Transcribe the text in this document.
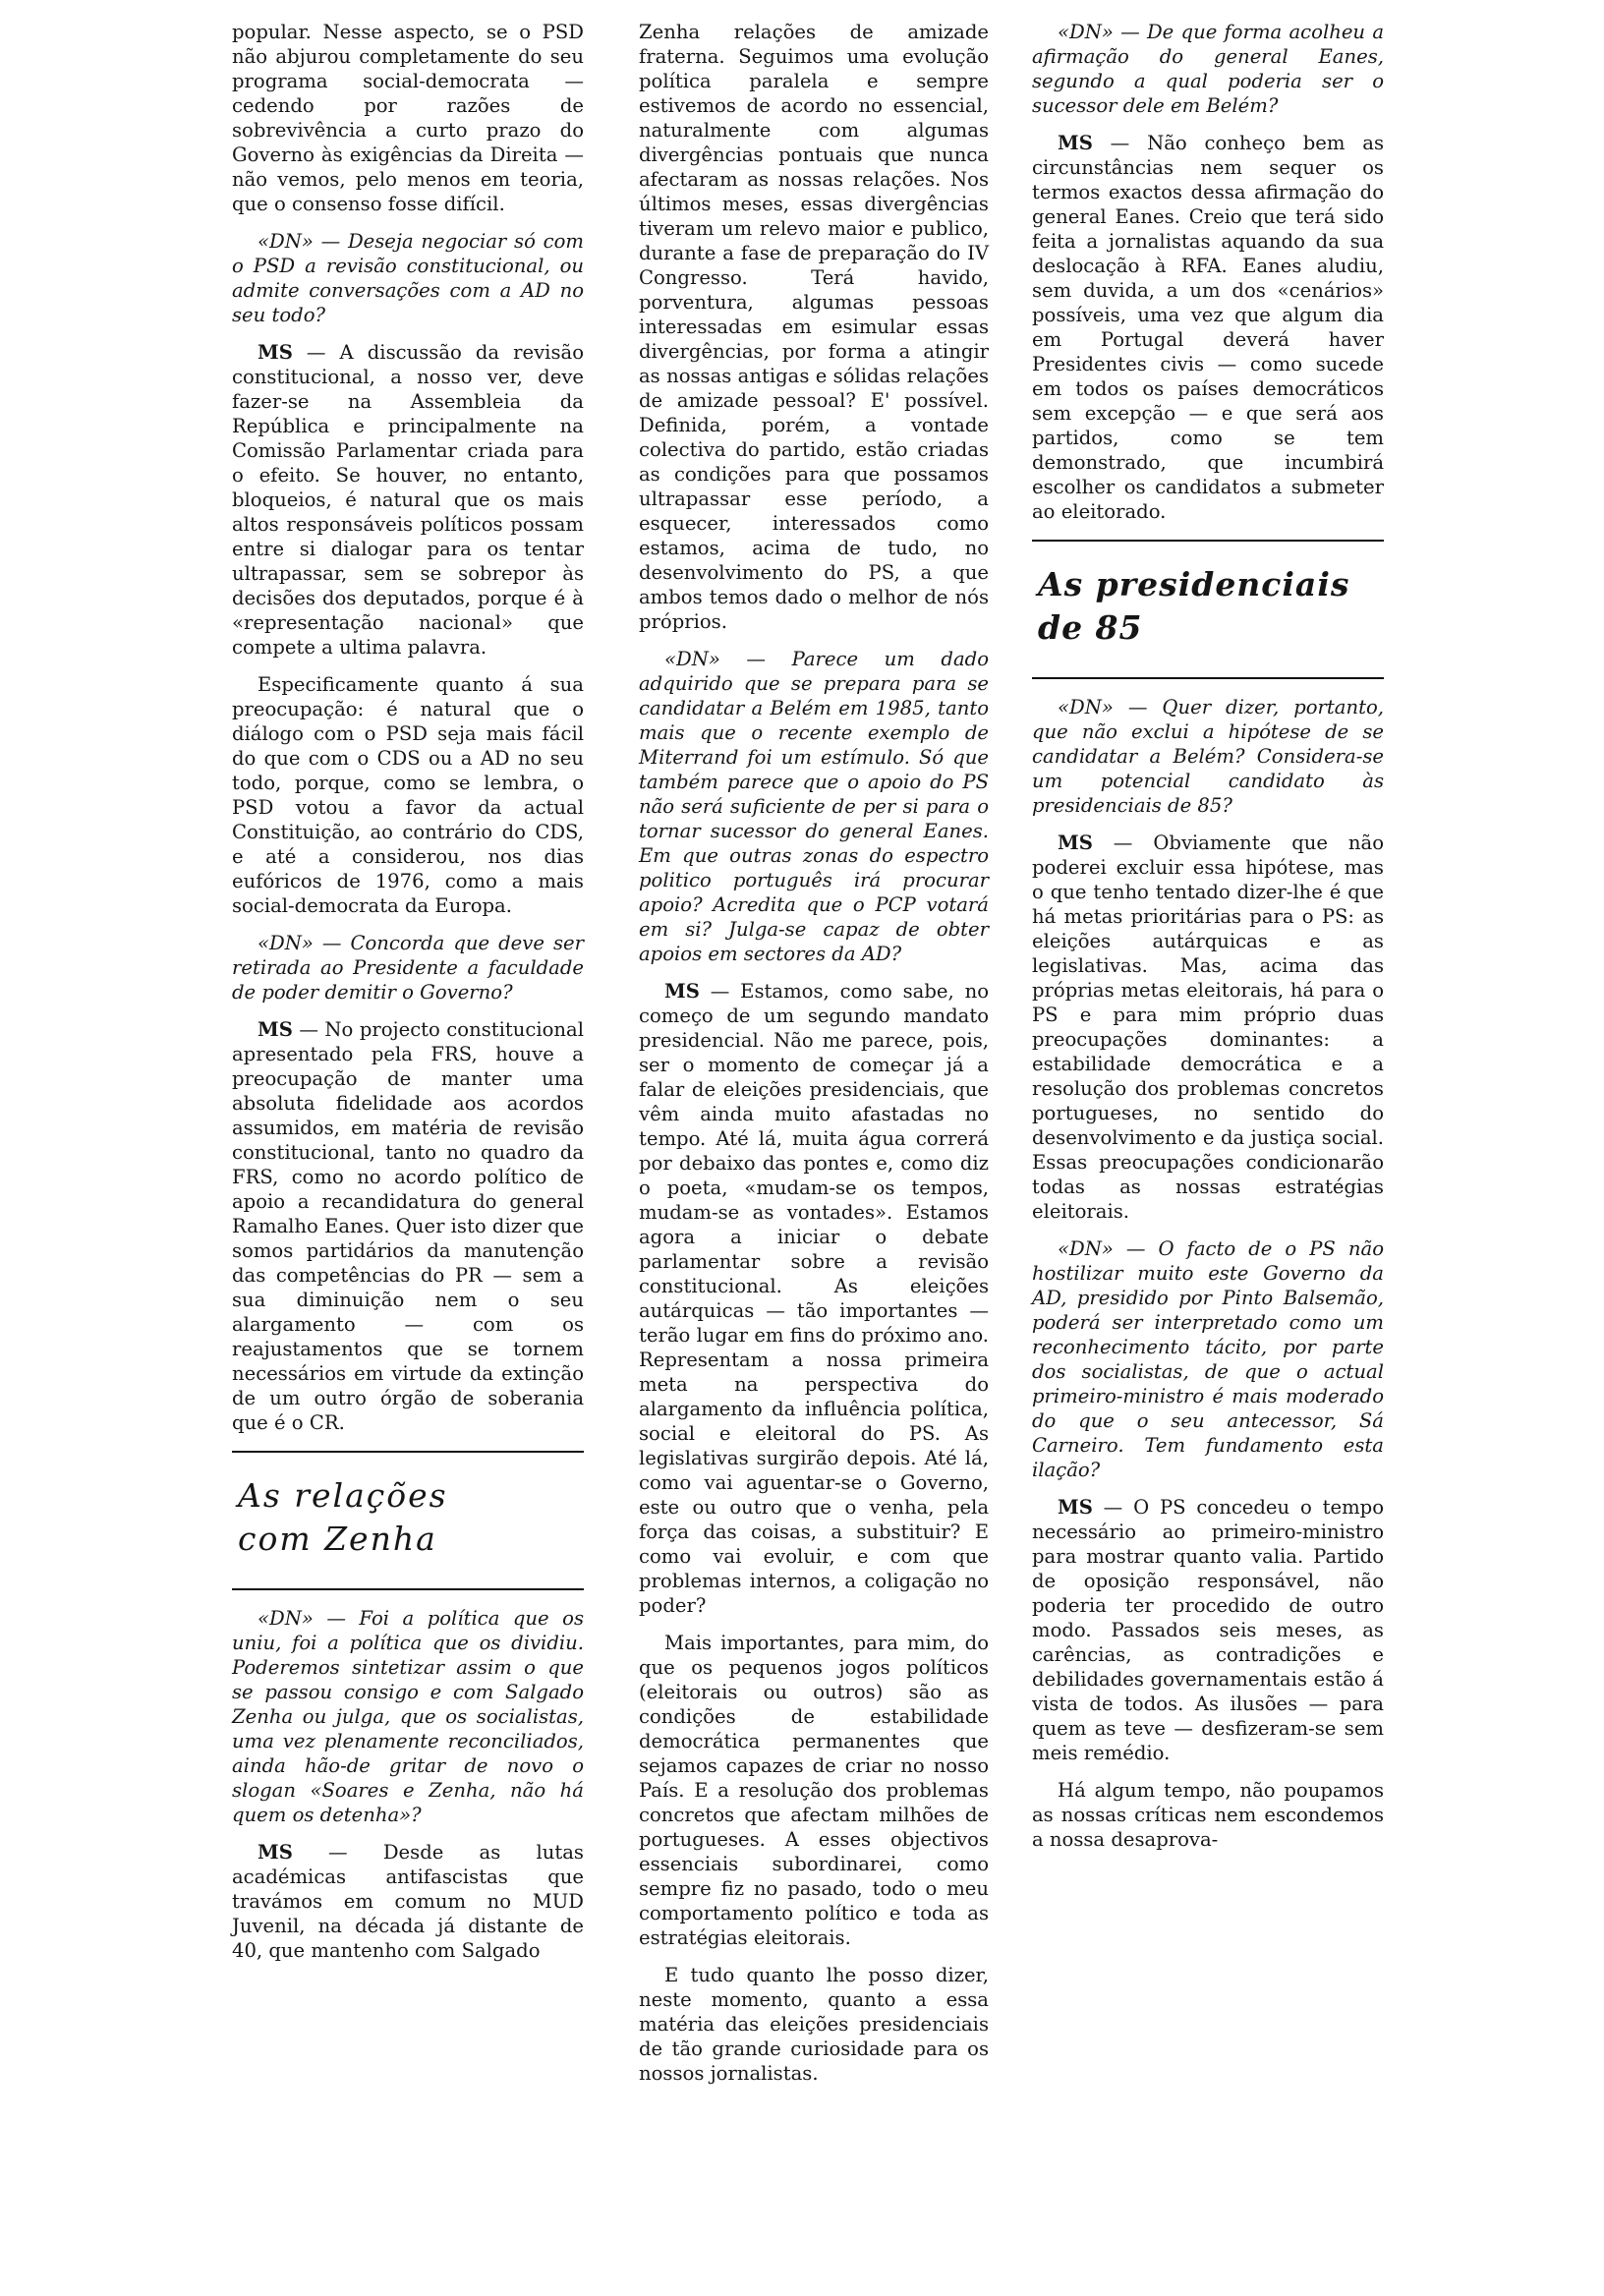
popular. Nesse aspecto, se o PSD não abjurou completamente do seu programa social-democrata — cedendo por razões de sobrevivência a curto prazo do Governo às exigências da Direita — não vemos, pelo menos em teoria, que o consenso fosse difícil.

«DN» — Deseja negociar só com o PSD a revisão constitucional, ou admite conversações com a AD no seu todo?

MS — A discussão da revisão constitucional, a nosso ver, deve fazer-se na Assembleia da República e principalmente na Comissão Parlamentar criada para o efeito. Se houver, no entanto, bloqueios, é natural que os mais altos responsáveis políticos possam entre si dialogar para os tentar ultrapassar, sem se sobrepor às decisões dos deputados, porque é à «representação nacional» que compete a ultima palavra.

Especificamente quanto á sua preocupação: é natural que o diálogo com o PSD seja mais fácil do que com o CDS ou a AD no seu todo, porque, como se lembra, o PSD votou a favor da actual Constituição, ao contrário do CDS, e até a considerou, nos dias eufóricos de 1976, como a mais social-democrata da Europa.

«DN» — Concorda que deve ser retirada ao Presidente a faculdade de poder demitir o Governo?

MS — No projecto constitucional apresentado pela FRS, houve a preocupação de manter uma absoluta fidelidade aos acordos assumidos, em matéria de revisão constitucional, tanto no quadro da FRS, como no acordo político de apoio a recandidatura do general Ramalho Eanes. Quer isto dizer que somos partidários da manutenção das competências do PR — sem a sua diminuição nem o seu alargamento — com os reajustamentos que se tornem necessários em virtude da extinção de um outro órgão de soberania que é o CR.

As relações
com Zenha

«DN» — Foi a política que os uniu, foi a política que os dividiu. Poderemos sintetizar assim o que se passou consigo e com Salgado Zenha ou julga, que os socialistas, uma vez plenamente reconciliados, ainda hão-de gritar de novo o slogan «Soares e Zenha, não há quem os detenha»?

MS — Desde as lutas académicas antifascistas que travámos em comum no MUD Juvenil, na década já distante de 40, que mantenho com Salgado

Zenha relações de amizade fraterna. Seguimos uma evolução política paralela e sempre estivemos de acordo no essencial, naturalmente com algumas divergências pontuais que nunca afectaram as nossas relações. Nos últimos meses, essas divergências tiveram um relevo maior e publico, durante a fase de preparação do IV Congresso. Terá havido, porventura, algumas pessoas interessadas em esimular essas divergências, por forma a atingir as nossas antigas e sólidas relações de amizade pessoal? E' possível. Definida, porém, a vontade colectiva do partido, estão criadas as condições para que possamos ultrapassar esse período, a esquecer, interessados como estamos, acima de tudo, no desenvolvimento do PS, a que ambos temos dado o melhor de nós próprios.

«DN» — Parece um dado adquirido que se prepara para se candidatar a Belém em 1985, tanto mais que o recente exemplo de Miterrand foi um estímulo. Só que também parece que o apoio do PS não será suficiente de per si para o tornar sucessor do general Eanes. Em que outras zonas do espectro politico português irá procurar apoio? Acredita que o PCP votará em si? Julga-se capaz de obter apoios em sectores da AD?

MS — Estamos, como sabe, no começo de um segundo mandato presidencial. Não me parece, pois, ser o momento de começar já a falar de eleições presidenciais, que vêm ainda muito afastadas no tempo. Até lá, muita água correrá por debaixo das pontes e, como diz o poeta, «mudam-se os tempos, mudam-se as vontades». Estamos agora a iniciar o debate parlamentar sobre a revisão constitucional. As eleições autárquicas — tão importantes — terão lugar em fins do próximo ano. Representam a nossa primeira meta na perspectiva do alargamento da influência política, social e eleitoral do PS. As legislativas surgirão depois. Até lá, como vai aguentar-se o Governo, este ou outro que o venha, pela força das coisas, a substituir? E como vai evoluir, e com que problemas internos, a coligação no poder?

Mais importantes, para mim, do que os pequenos jogos políticos (eleitorais ou outros) são as condições de estabilidade democrática permanentes que sejamos capazes de criar no nosso País. E a resolução dos problemas concretos que afectam milhões de portugueses. A esses objectivos essenciais subordinarei, como sempre fiz no pasado, todo o meu comportamento político e toda as estratégias eleitorais.

E tudo quanto lhe posso dizer, neste momento, quanto a essa matéria das eleições presidenciais de tão grande curiosidade para os nossos jornalistas.

«DN» — De que forma acolheu a afirmação do general Eanes, segundo a qual poderia ser o sucessor dele em Belém?

MS — Não conheço bem as circunstâncias nem sequer os termos exactos dessa afirmação do general Eanes. Creio que terá sido feita a jornalistas aquando da sua deslocação à RFA. Eanes aludiu, sem duvida, a um dos «cenários» possíveis, uma vez que algum dia em Portugal deverá haver Presidentes civis — como sucede em todos os países democráticos sem excepção — e que será aos partidos, como se tem demonstrado, que incumbirá escolher os candidatos a submeter ao eleitorado.

As presidenciais
de 85

«DN» — Quer dizer, portanto, que não exclui a hipótese de se candidatar a Belém? Considera-se um potencial candidato às presidenciais de 85?

MS — Obviamente que não poderei excluir essa hipótese, mas o que tenho tentado dizer-lhe é que há metas prioritárias para o PS: as eleições autárquicas e as legislativas. Mas, acima das próprias metas eleitorais, há para o PS e para mim próprio duas preocupações dominantes: a estabilidade democrática e a resolução dos problemas concretos portugueses, no sentido do desenvolvimento e da justiça social. Essas preocupações condicionarão todas as nossas estratégias eleitorais.

«DN» — O facto de o PS não hostilizar muito este Governo da AD, presidido por Pinto Balsemão, poderá ser interpretado como um reconhecimento tácito, por parte dos socialistas, de que o actual primeiro-ministro é mais moderado do que o seu antecessor, Sá Carneiro. Tem fundamento esta ilação?

MS — O PS concedeu o tempo necessário ao primeiro-ministro para mostrar quanto valia. Partido de oposição responsável, não poderia ter procedido de outro modo. Passados seis meses, as carências, as contradições e debilidades governamentais estão á vista de todos. As ilusões — para quem as teve — desfizeram-se sem meis remédio.

Há algum tempo, não poupamos as nossas críticas nem escondemos a nossa desaprova-
